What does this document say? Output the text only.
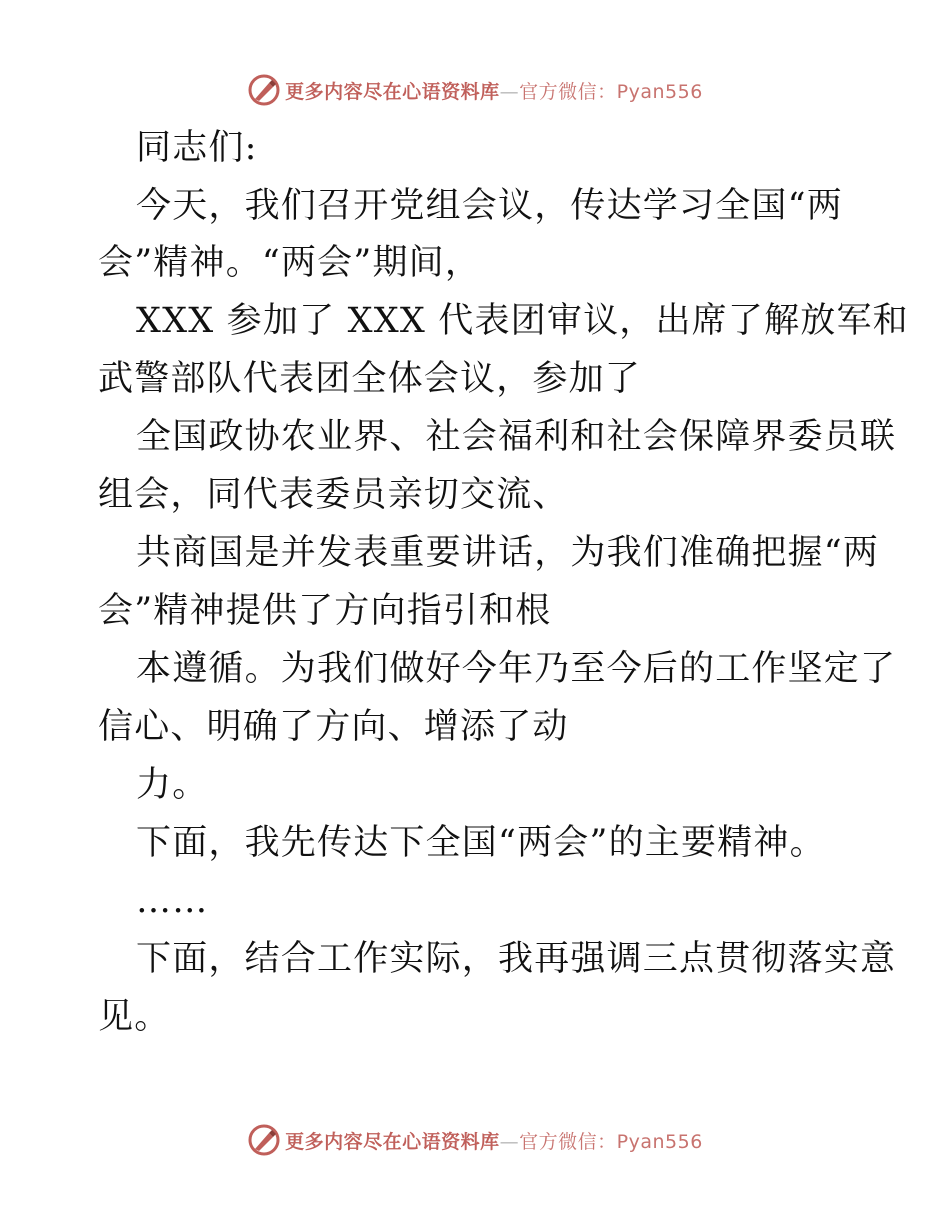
更多内容尽在心语资料库—官方微信：Pyan556
同志们:
今天，我们召开党组会议，传达学习全国“两
会”精神。“两会”期间，
XXX 参加了 XXX 代表团审议，出席了解放军和
武警部队代表团全体会议，参加了
全国政协农业界、社会福利和社会保障界委员联
组会，同代表委员亲切交流、
共商国是并发表重要讲话，为我们准确把握“两
会”精神提供了方向指引和根
本遵循。为我们做好今年乃至今后的工作坚定了
信心、明确了方向、增添了动
力。
下面，我先传达下全国“两会”的主要精神。
……
下面，结合工作实际，我再强调三点贯彻落实意
见。
更多内容尽在心语资料库—官方微信：Pyan556
